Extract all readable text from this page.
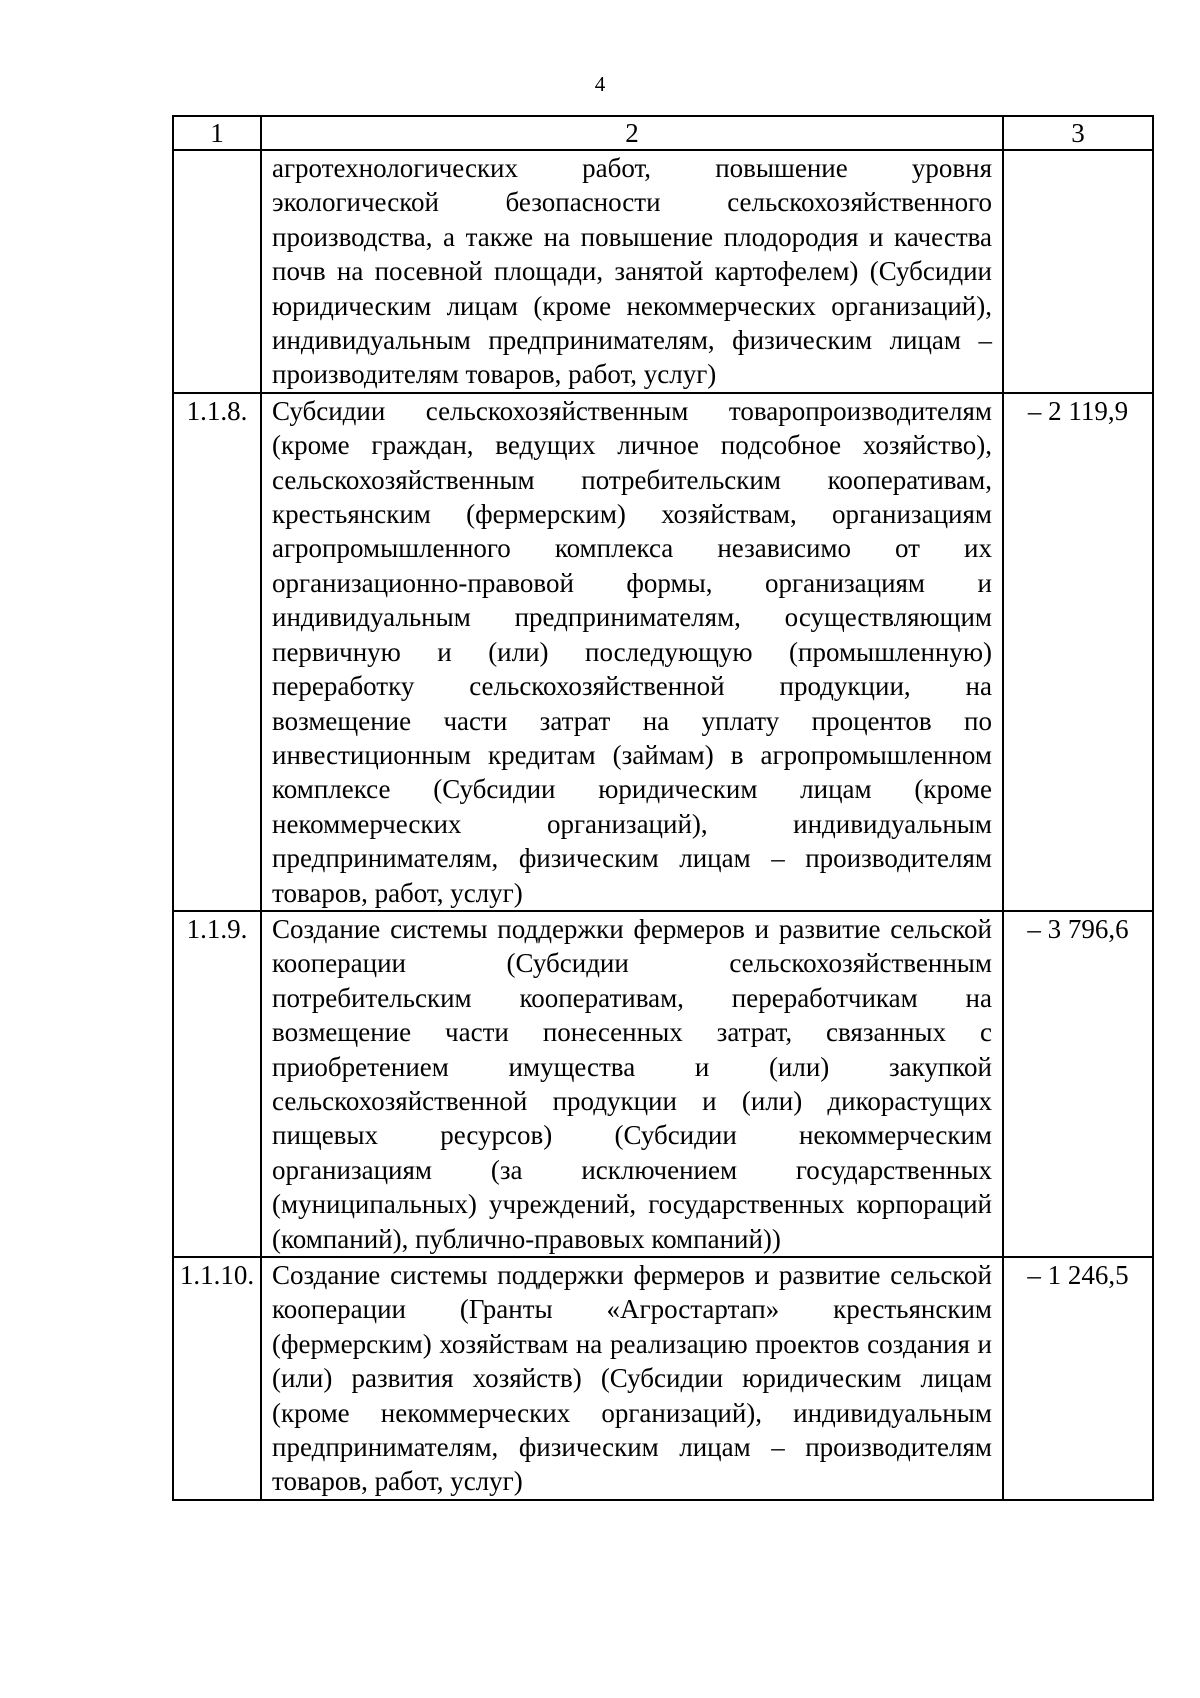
4
1	2	3
	агротехнологических работ, повышение уровня экологической безопасности сельскохозяйственного производства, а также на повышение плодородия и качества почв на посевной площади, занятой картофелем) (Субсидии юридическим лицам (кроме некоммерческих организаций), индивидуальным предпринимателям, физическим лицам – производителям товаров, работ, услуг)	
1.1.8.	Субсидии сельскохозяйственным товаропроизводителям (кроме граждан, ведущих личное подсобное хозяйство), сельскохозяйственным потребительским кооперативам, крестьянским (фермерским) хозяйствам, организациям агропромышленного комплекса независимо от их организационно-правовой формы, организациям и индивидуальным предпринимателям, осуществляющим первичную и (или) последующую (промышленную) переработку сельскохозяйственной продукции, на возмещение части затрат на уплату процентов по инвестиционным кредитам (займам) в агропромышленном комплексе (Субсидии юридическим лицам (кроме некоммерческих организаций), индивидуальным предпринимателям, физическим лицам – производителям товаров, работ, услуг)	– 2 119,9
1.1.9.	Создание системы поддержки фермеров и развитие сельской кооперации (Субсидии сельскохозяйственным потребительским кооперативам, переработчикам на возмещение части понесенных затрат, связанных с приобретением имущества и (или) закупкой сельскохозяйственной продукции и (или) дикорастущих пищевых ресурсов) (Субсидии некоммерческим организациям (за исключением государственных (муниципальных) учреждений, государственных корпораций (компаний), публично-правовых компаний))	– 3 796,6
1.1.10.	Создание системы поддержки фермеров и развитие сельской кооперации (Гранты «Агростартап» крестьянским (фермерским) хозяйствам на реализацию проектов создания и (или) развития хозяйств) (Субсидии юридическим лицам (кроме некоммерческих организаций), индивидуальным предпринимателям, физическим лицам – производителям товаров, работ, услуг)	– 1 246,5
